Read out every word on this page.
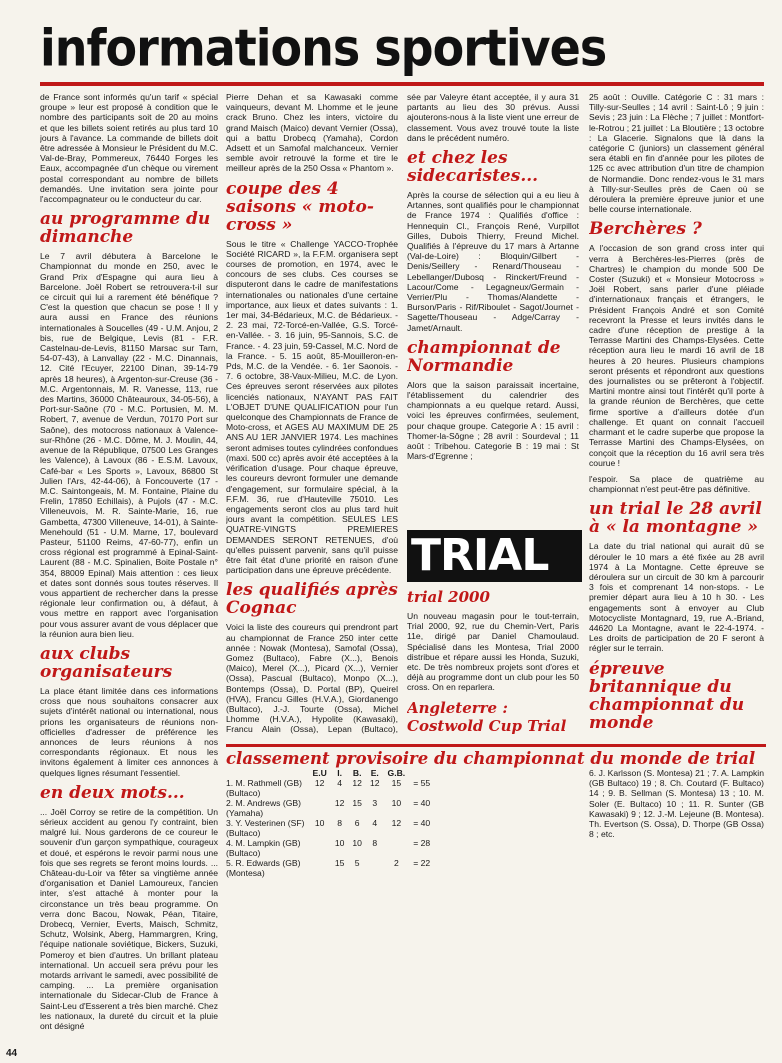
informations sportives

de France sont informés qu'un tarif « spécial groupe » leur est proposé à condition que le nombre des participants soit de 20 au moins et que les billets soient retirés au plus tard 10 jours à l'avance. La commande de billets doit être adressée à Monsieur le Président du M.C. Val-de-Bray, Pommereux, 76440 Forges les Eaux, accompagnée d'un chèque ou virement postal correspondant au nombre de billets demandés. Une invitation sera jointe pour l'accompagnateur ou le conducteur du car.

au programme du dimanche

Le 7 avril débutera à Barcelone le Championnat du monde en 250, avec le Grand Prix d'Espagne qui aura lieu à Barcelone. Joël Robert se retrouvera-t-il sur ce circuit qui lui a rarement été bénéfique ? C'est la question que chacun se pose ! Il y aura aussi en France des réunions internationales à Soucelles (49 - U.M. Anjou, 2 bis, rue de Belgique, Levis (81 - F.R. Castelnau-de-Levis, 81150 Marsac sur Tarn, 54-07-43), à Lanvallay (22 - M.C. Dinannais, 12. Cité l'Ecuyer, 22100 Dinan, 39-14-79 après 18 heures), à Argenton-sur-Creuse (36 - M.C. Argentonnais, M. R. Vanesse, 113, rue des Martins, 36000 Châteauroux, 34-05-56), à Port-sur-Saône (70 - M.C. Portusien, M. M. Robert, 7, avenue de Verdun, 70170 Port sur Saône), des motocross nationaux à Valence-sur-Rhône (26 - M.C. Dôme, M. J. Moulin, 44, avenue de la République, 07500 Les Granges les Valence), à Lavoux (86 - E.S.M. Lavoux, Café-bar « Les Sports », Lavoux, 86800 St Julien l'Ars, 42-44-06), à Foncouverte (17 - M.C. Saintongeais, M. M. Fontaine, Plaine du Frelin, 17850 Echillais), à Pujols (47 - M.C. Villeneuvois, M. R. Sainte-Marie, 16, rue Gambetta, 47300 Villeneuve, 14-01), à Sainte-Menehould (51 - U.M. Marne, 17, boulevard Pasteur, 51100 Reims, 47-60-77), enfin un cross régional est programmé à Epinal-Saint-Laurent (88 - M.C. Spinalien, Boite Postale n° 354, 88009 Epinal) Mais attention : ces lieux et dates sont donnés sous toutes réserves. Il vous appartient de rechercher dans la presse régionale leur confirmation ou, à défaut, à vous mettre en rapport avec l'organisation pour vous assurer avant de vous déplacer que la réunion aura bien lieu.

aux clubs organisateurs

La place étant limitée dans ces informations cross que nous souhaitons consacrer aux sujets d'intérêt national ou international, nous prions les organisateurs de réunions non-officielles d'adresser de préférence les annonces de leurs réunions à nos correspondants régionaux. Et nous les invitons également à limiter ces annonces à quelques lignes résumant l'essentiel.

en deux mots...

... Joël Corroy se retire de la compétition. Un sérieux accident au genou l'y contraint, bien malgré lui. Nous garderons de ce coureur le souvenir d'un garçon sympathique, courageux et doué, et espérons le revoir parmi nous une fois que ses regrets se feront moins lourds. ... Château-du-Loir va fêter sa vingtième année d'organisation et Daniel Lamoureux, l'ancien inter, s'est attaché à monter pour la circonstance un très beau programme. On verra donc Bacou, Nowak, Péan, Titaire, Drobecq, Vernier, Everts, Maisch, Schmitz, Schutz, Wolsink, Aberg, Hammargren, Kring, l'équipe nationale soviétique, Bickers, Suzuki, Pomeroy et bien d'autres. Un brillant plateau international. Un accueil sera prévu pour les motards arrivant le samedi, avec possibilité de camping. ... La première organisation internationale du Sidecar-Club de France à Saint-Leu d'Esserent a très bien marché. Chez les nationaux, la dureté du circuit et la pluie ont désigné

Pierre Dehan et sa Kawasaki comme vainqueurs, devant M. Lhomme et le jeune crack Bruno. Chez les inters, victoire du grand Maisch (Maico) devant Vernier (Ossa), qui a battu Drobecq (Yamaha), Cordon Adsett et un Samofal malchanceux. Vernier semble avoir retrouvé la forme et tire le meilleur après de la 250 Ossa « Phantom ».

coupe des 4 saisons « moto-cross »

Sous le titre « Challenge YACCO-Trophée Société RICARD », la F.F.M. organisera sept courses de promotion, en 1974, avec le concours de ses clubs. Ces courses se disputeront dans le cadre de manifestations internationales ou nationales d'une certaine importance, aux lieux et dates suivants : 1. 1er mai, 34-Bédarieux, M.C. de Bédarieux. - 2. 23 mai, 72-Torcé-en-Vallée, G.S. Torcé-en-Vallée. - 3. 16 juin, 95-Sannois, S.C. de France. - 4. 23 juin, 59-Cassel, M.C. Nord de la France. - 5. 15 août, 85-Mouilleron-en-Pds, M.C. de la Vendée. - 6. 1er Saonois. - 7. 6 octobre, 38-Vaux-Milieu, M.C. de Lyon. Ces épreuves seront réservées aux pilotes licenciés nationaux, N'AYANT PAS FAIT L'OBJET D'UNE QUALIFICATION pour l'un quelconque des Championnats de France de Moto-cross, et AGES AU MAXIMUM DE 25 ANS AU 1ER JANVIER 1974. Les machines seront admises toutes cylindrées confondues (maxi. 500 cc) après avoir été acceptées à la vérification d'usage. Pour chaque épreuve, les coureurs devront formuler une demande d'engagement, sur formulaire spécial, à la F.F.M. 36, rue d'Hauteville 75010. Les engagements seront clos au plus tard huit jours avant la compétition. SEULES LES QUATRE-VINGTS PREMIERES DEMANDES SERONT RETENUES, d'où qu'elles puissent parvenir, sans qu'il puisse être fait état d'une priorité en raison d'une participation dans une épreuve précédente.

les qualifiés après Cognac

Voici la liste des coureurs qui prendront part au championnat de France 250 inter cette année : Nowak (Montesa), Samofal (Ossa), Gomez (Bultaco), Fabre (X...), Benois (Maico), Merel (X...), Picard (X...), Vernier (Ossa), Pascual (Bultaco), Monpo (X...), Bontemps (Ossa), D. Portal (BP), Queirel (HVA), Francu Gilles (H.V.A.), Giordanengo (Bultaco), J.-J. Tourte (Ossa), Michel Lhomme (H.V.A.), Hypolite (Kawasaki), Francu Alain (Ossa), Lepan (Bultaco),

sée par Valeyre étant acceptée, il y aura 31 partants au lieu des 30 prévus. Aussi ajouterons-nous à la liste vient une erreur de classement. Vous avez trouvé toute la liste dans le précédent numéro.

et chez les sidecaristes...

Après la course de sélection qui a eu lieu à Artannes, sont qualifiés pour le championnat de France 1974 : Qualifiés d'office : Hennequin Cl., François René, Vurpillot Gilles, Dubois Thierry, Freund Michel. Qualifiés à l'épreuve du 17 mars à Artanne (Val-de-Loire) : Bloquin/Gilbert - Denis/Seillery - Renard/Thouseau - Lebellanger/Dubosq - Rinckert/Freund - Lacour/Come - Legagneux/Germain - Verrier/Plu - Thomas/Alandette - Burson/Paris - Rif/Riboulet - Sagot/Journet - Sagette/Thouseau - Adge/Carray - Jamet/Arnault.

championnat de Normandie

Alors que la saison paraissait incertaine, l'établissement du calendrier des championnats a eu quelque retard. Aussi, voici les épreuves confirmées, seulement, pour chaque groupe. Categorie A : 15 avril : Thomer-la-Sôgne ; 28 avril : Sourdeval ; 11 août : Tribehou. Categorie B : 19 mai : St Mars-d'Egrenne ;

TRIAL
trial 2000

Un nouveau magasin pour le tout-terrain, Trial 2000, 92, rue du Chemin-Vert, Paris 11e, dirigé par Daniel Chamoulaud. Spécialisé dans les Montesa, Trial 2000 distribue et répare aussi les Honda, Suzuki, etc. De très nombreux projets sont d'ores et déjà au programme dont un club pour les 50 cross. On en reparlera.

Angleterre : Costwold Cup Trial

25 août : Ouville. Catégorie C : 31 mars : Tilly-sur-Seulles ; 14 avril : Saint-Lô ; 9 juin : Sevis ; 23 juin : La Flèche ; 7 juillet : Montfort-le-Rotrou ; 21 juillet : La Bloutière ; 13 octobre : La Glacerie. Signalons que là dans la catégorie C (juniors) un classement général sera établi en fin d'année pour les pilotes de 125 cc avec attribution d'un titre de champion de Normandie. Donc rendez-vous le 31 mars à Tilly-sur-Seulles près de Caen où se déroulera la première épreuve junior et une belle course internationale.

Berchères ?

A l'occasion de son grand cross inter qui verra à Berchères-les-Pierres (près de Chartres) le champion du monde 500 De Coster (Suzuki) et « Monsieur Motocross » Joël Robert, sans parler d'une pléiade d'internationaux français et étrangers, le Président François André et son Comité recevront la Presse et leurs invités dans le cadre d'une réception de prestige à la Terrasse Martini des Champs-Elysées. Cette réception aura lieu le mardi 16 avril de 18 heures à 20 heures. Plusieurs champions seront présents et répondront aux questions des journalistes ou se prêteront à l'objectif. Martini montre ainsi tout l'intérêt qu'il porte à la grande réunion de Berchères, que cette firme sportive a d'ailleurs dotée d'un challenge. Et quant on connait l'accueil charmant et le cadre superbe que propose la Terrasse Martini des Champs-Elysées, on conçoit que la réception du 16 avril sera très courue !

l'espoir. Sa place de quatrième au championnat n'est peut-être pas définitive.

un trial le 28 avril à « la montagne »

La date du trial national qui aurait dû se dérouler le 10 mars a été fixée au 28 avril 1974 à La Montagne. Cette épreuve se déroulera sur un circuit de 30 km à parcourir 3 fois et comprenant 14 non-stops. - Le premier départ aura lieu à 10 h 30. - Les engagements sont à envoyer au Club Motocycliste Montagnard, 19, rue A.-Briand, 44620 La Montagne, avant le 22-4-1974. - Les droits de participation de 20 F seront à régler sur le terrain.

épreuve britannique du championnat du monde

classement provisoire du championnat du monde de trial
	E.U	I.	B.	E.	G.B.	
1. M. Rathmell (GB)
(Bultaco)	12	4	12	12	15	= 55
2. M. Andrews (GB)
(Yamaha)		12	15	3	10	= 40
3. Y. Vesterinen (SF)
(Bultaco)	10	8	6	4	12	= 40
4. M. Lampkin (GB)
(Bultaco)		10	10	8		= 28
5. R. Edwards (GB)
(Montesa)		15	5		2	= 22

6. J. Karlsson (S. Montesa) 21 ; 7. A. Lampkin (GB Bultaco) 19 ; 8. Ch. Coutard (F. Bultaco) 14 ; 9. B. Sellman (S. Montesa) 13 ; 10. M. Soler (E. Bultaco) 10 ; 11. R. Sunter (GB Kawasaki) 9 ; 12. J.-M. Lejeune (B. Montesa). Th. Evertson (S. Ossa), D. Thorpe (GB Ossa) 8 ; etc.

44
